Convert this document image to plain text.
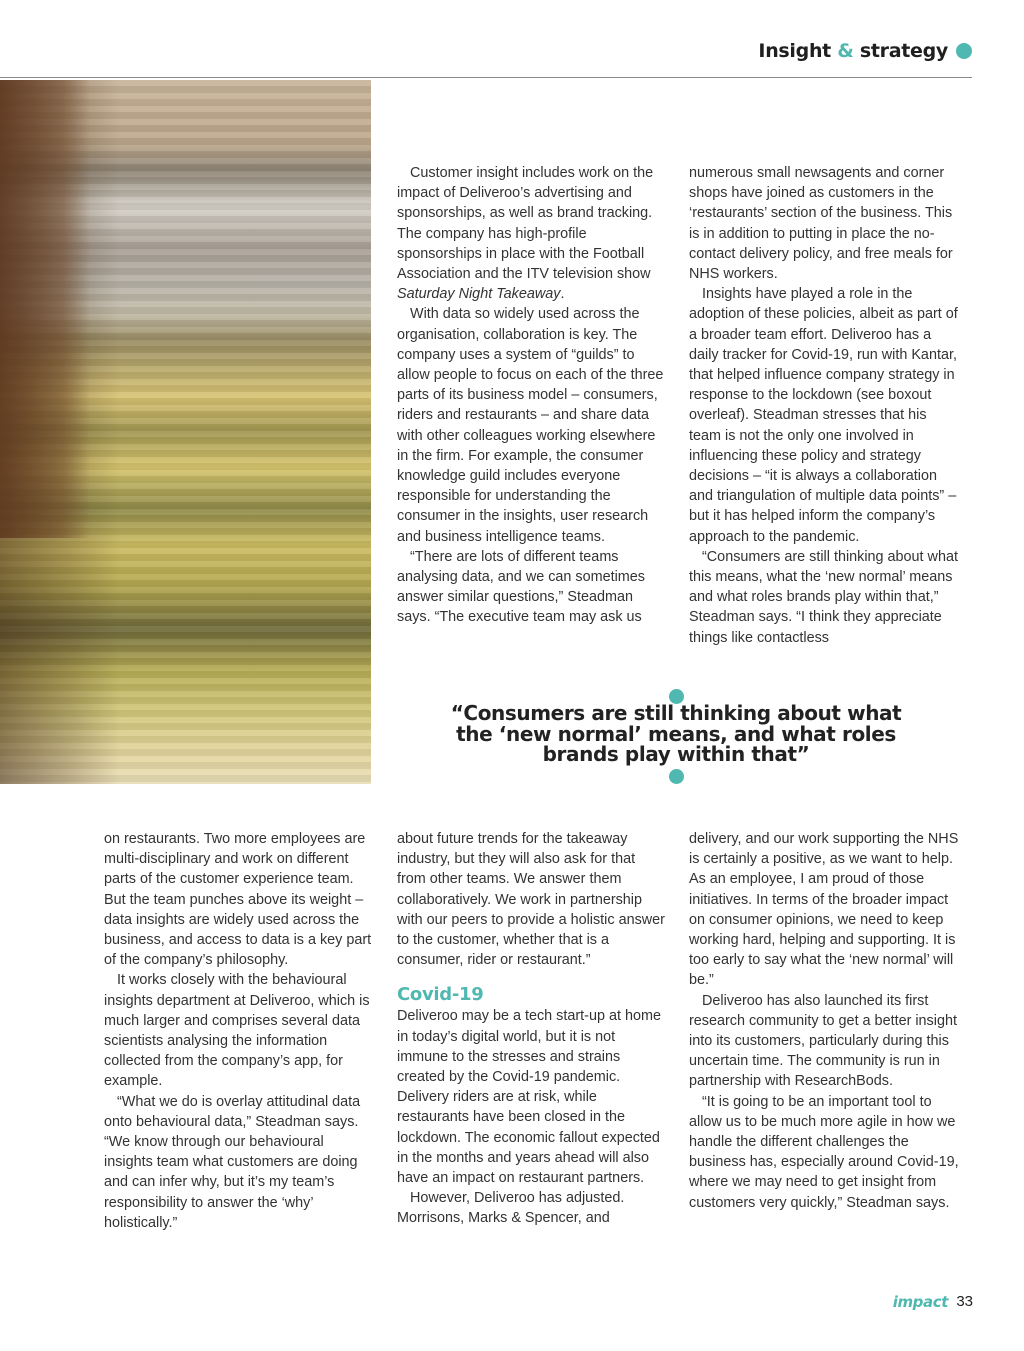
Insight & strategy

Customer insight includes work on the impact of Deliveroo’s advertising and sponsorships, as well as brand tracking. The company has high-profile sponsorships in place with the Football Association and the ITV television show Saturday Night Takeaway.

With data so widely used across the organisation, collaboration is key. The company uses a system of “guilds” to allow people to focus on each of the three parts of its business model – consumers, riders and restaurants – and share data with other colleagues working elsewhere in the firm. For example, the consumer knowledge guild includes everyone responsible for understanding the consumer in the insights, user research and business intelligence teams.

“There are lots of different teams analysing data, and we can sometimes answer similar questions,” Steadman says. “The executive team may ask us

numerous small newsagents and corner shops have joined as customers in the ‘restaurants’ section of the business. This is in addition to putting in place the no-contact delivery policy, and free meals for NHS workers.

Insights have played a role in the adoption of these policies, albeit as part of a broader team effort. Deliveroo has a daily tracker for Covid-19, run with Kantar, that helped influence company strategy in response to the lockdown (see boxout overleaf). Steadman stresses that his team is not the only one involved in influencing these policy and strategy decisions – “it is always a collaboration and triangulation of multiple data points” – but it has helped inform the company’s approach to the pandemic.

“Consumers are still thinking about what this means, what the ‘new normal’ means and what roles brands play within that,” Steadman says. “I think they appreciate things like contactless

“Consumers are still thinking about what the ‘new normal’ means, and what roles brands play within that”

on restaurants. Two more employees are multi-disciplinary and work on different parts of the customer experience team. But the team punches above its weight – data insights are widely used across the business, and access to data is a key part of the company’s philosophy.

It works closely with the behavioural insights department at Deliveroo, which is much larger and comprises several data scientists analysing the information collected from the company’s app, for example.

“What we do is overlay attitudinal data onto behavioural data,” Steadman says. “We know through our behavioural insights team what customers are doing and can infer why, but it’s my team’s responsibility to answer the ‘why’ holistically.”

about future trends for the takeaway industry, but they will also ask for that from other teams. We answer them collaboratively. We work in partnership with our peers to provide a holistic answer to the customer, whether that is a consumer, rider or restaurant.”

Covid-19

Deliveroo may be a tech start-up at home in today’s digital world, but it is not immune to the stresses and strains created by the Covid-19 pandemic. Delivery riders are at risk, while restaurants have been closed in the lockdown. The economic fallout expected in the months and years ahead will also have an impact on restaurant partners.

However, Deliveroo has adjusted. Morrisons, Marks & Spencer, and

delivery, and our work supporting the NHS is certainly a positive, as we want to help. As an employee, I am proud of those initiatives. In terms of the broader impact on consumer opinions, we need to keep working hard, helping and supporting. It is too early to say what the ‘new normal’ will be.”

Deliveroo has also launched its first research community to get a better insight into its customers, particularly during this uncertain time. The community is run in partnership with ResearchBods.

“It is going to be an important tool to allow us to be much more agile in how we handle the different challenges the business has, especially around Covid-19, where we may need to get insight from customers very quickly,” Steadman says.

impact 33
